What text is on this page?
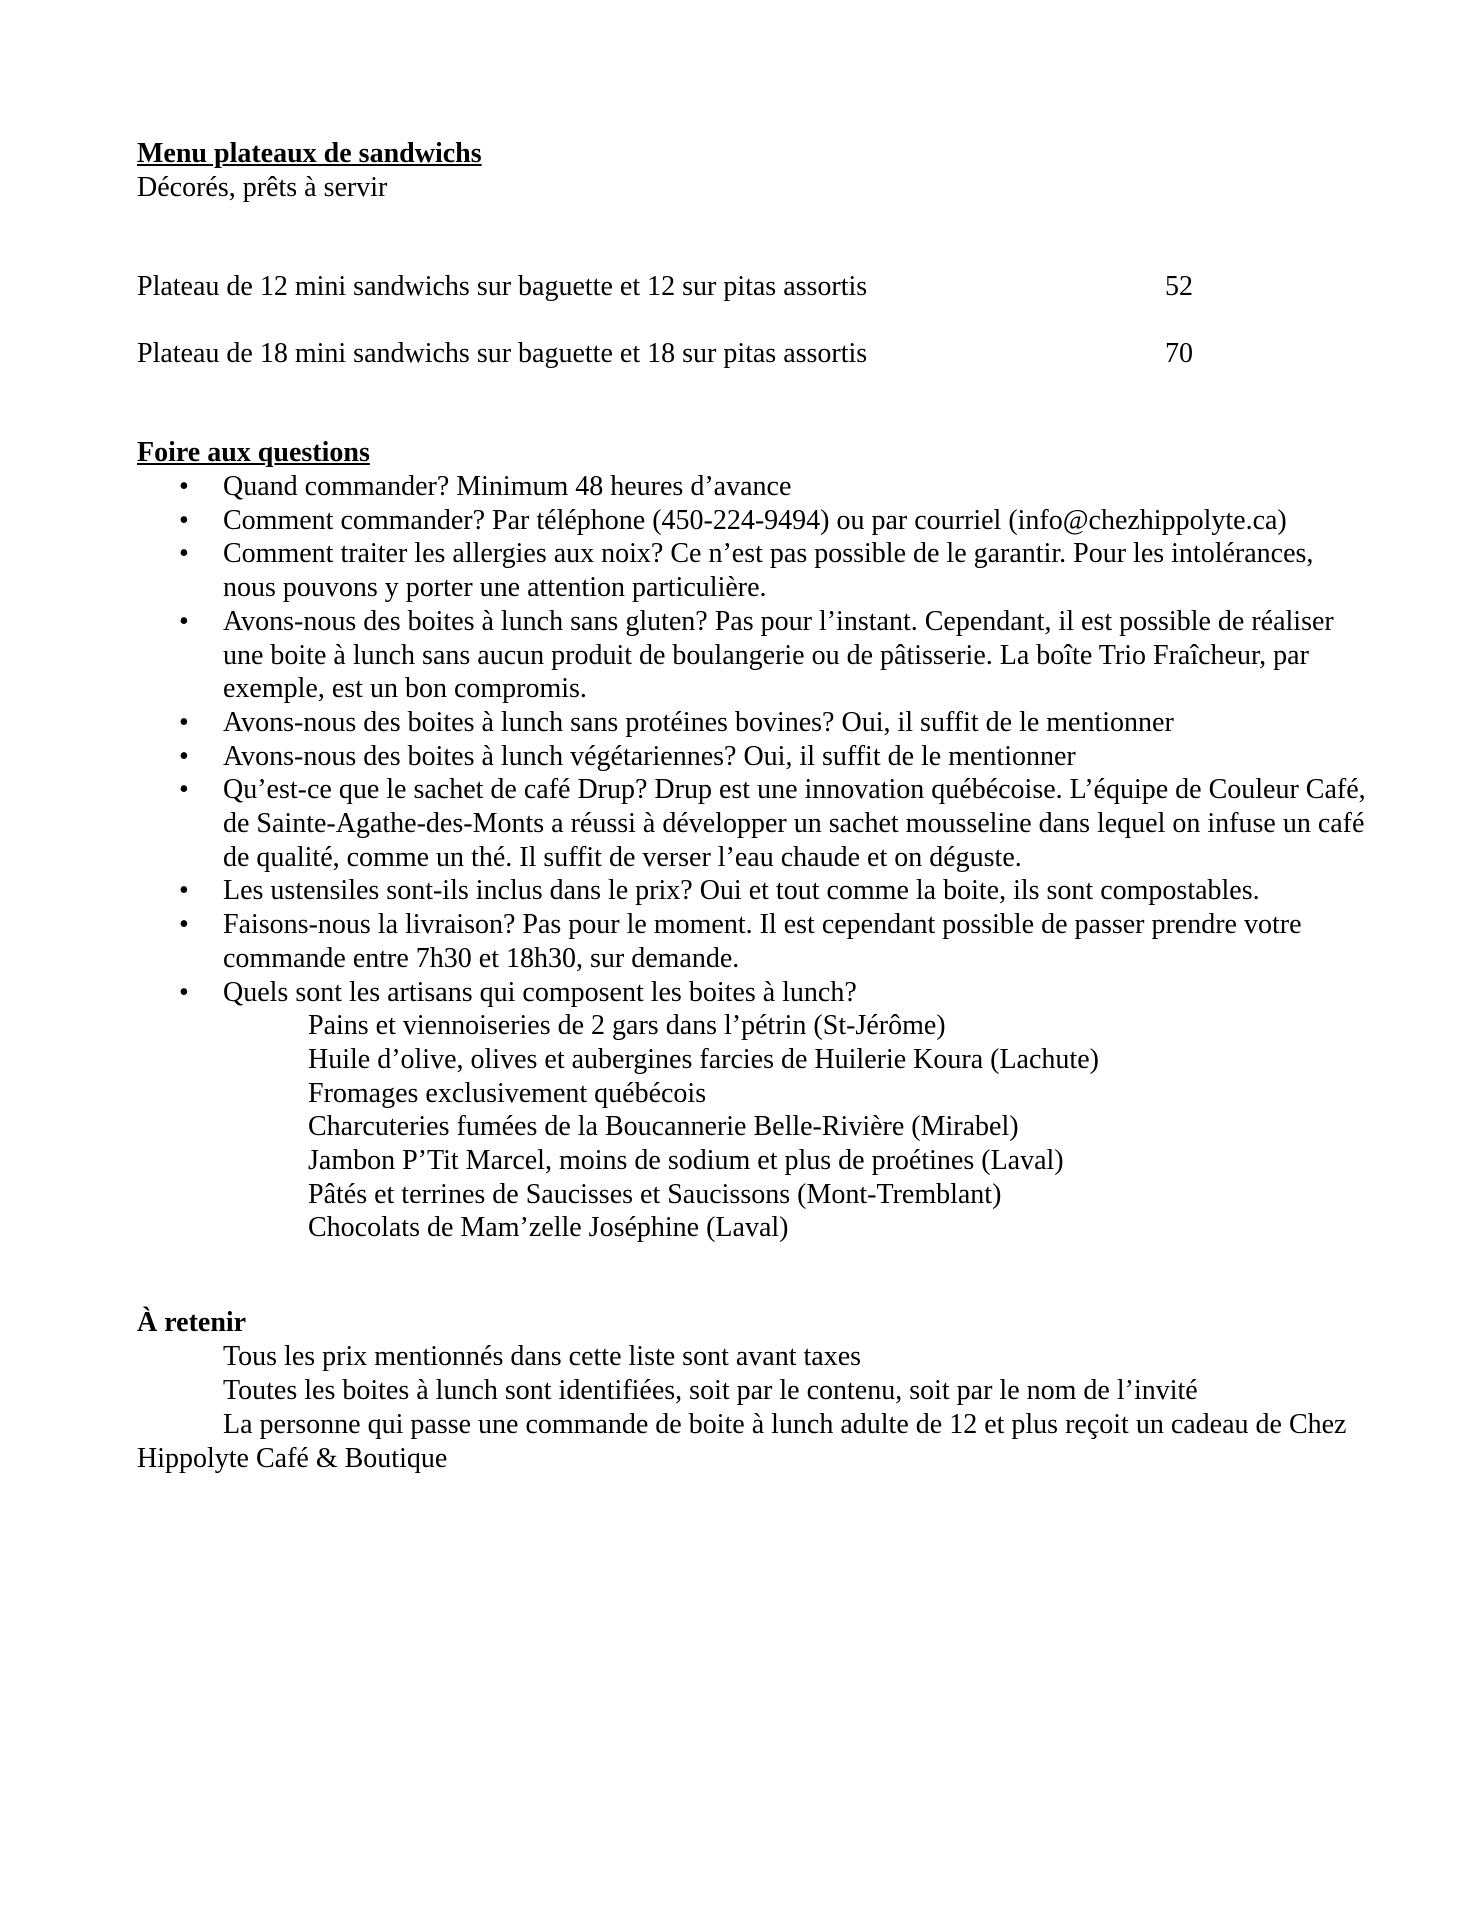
Menu plateaux de sandwichs
Décorés, prêts à servir
Plateau de 12 mini sandwichs sur baguette et 12 sur pitas assortis	52
Plateau de 18 mini sandwichs sur baguette et 18 sur pitas assortis	70
Foire aux questions
• Quand commander? Minimum 48 heures d’avance
• Comment commander? Par téléphone (450-224-9494) ou par courriel (info@chezhippolyte.ca)
• Comment traiter les allergies aux noix? Ce n’est pas possible de le garantir. Pour les intolérances, nous pouvons y porter une attention particulière.
• Avons-nous des boites à lunch sans gluten? Pas pour l’instant. Cependant, il est possible de réaliser une boite à lunch sans aucun produit de boulangerie ou de pâtisserie. La boîte Trio Fraîcheur, par exemple, est un bon compromis.
• Avons-nous des boites à lunch sans protéines bovines? Oui, il suffit de le mentionner
• Avons-nous des boites à lunch végétariennes? Oui, il suffit de le mentionner
• Qu’est-ce que le sachet de café Drup? Drup est une innovation québécoise. L’équipe de Couleur Café, de Sainte-Agathe-des-Monts a réussi à développer un sachet mousseline dans lequel on infuse un café de qualité, comme un thé. Il suffit de verser l’eau chaude et on déguste.
• Les ustensiles sont-ils inclus dans le prix? Oui et tout comme la boite, ils sont compostables.
• Faisons-nous la livraison? Pas pour le moment. Il est cependant possible de passer prendre votre commande entre 7h30 et 18h30, sur demande.
• Quels sont les artisans qui composent les boites à lunch?
Pains et viennoiseries de 2 gars dans l’pétrin (St-Jérôme)
Huile d’olive, olives et aubergines farcies de Huilerie Koura (Lachute)
Fromages exclusivement québécois
Charcuteries fumées de la Boucannerie Belle-Rivière (Mirabel)
Jambon P’Tit Marcel, moins de sodium et plus de proétines (Laval)
Pâtés et terrines de Saucisses et Saucissons (Mont-Tremblant)
Chocolats de Mam’zelle Joséphine (Laval)
À retenir

Tous les prix mentionnés dans cette liste sont avant taxes

Toutes les boites à lunch sont identifiées, soit par le contenu, soit par le nom de l’invité

La personne qui passe une commande de boite à lunch adulte de 12 et plus reçoit un cadeau de Chez Hippolyte Café & Boutique
